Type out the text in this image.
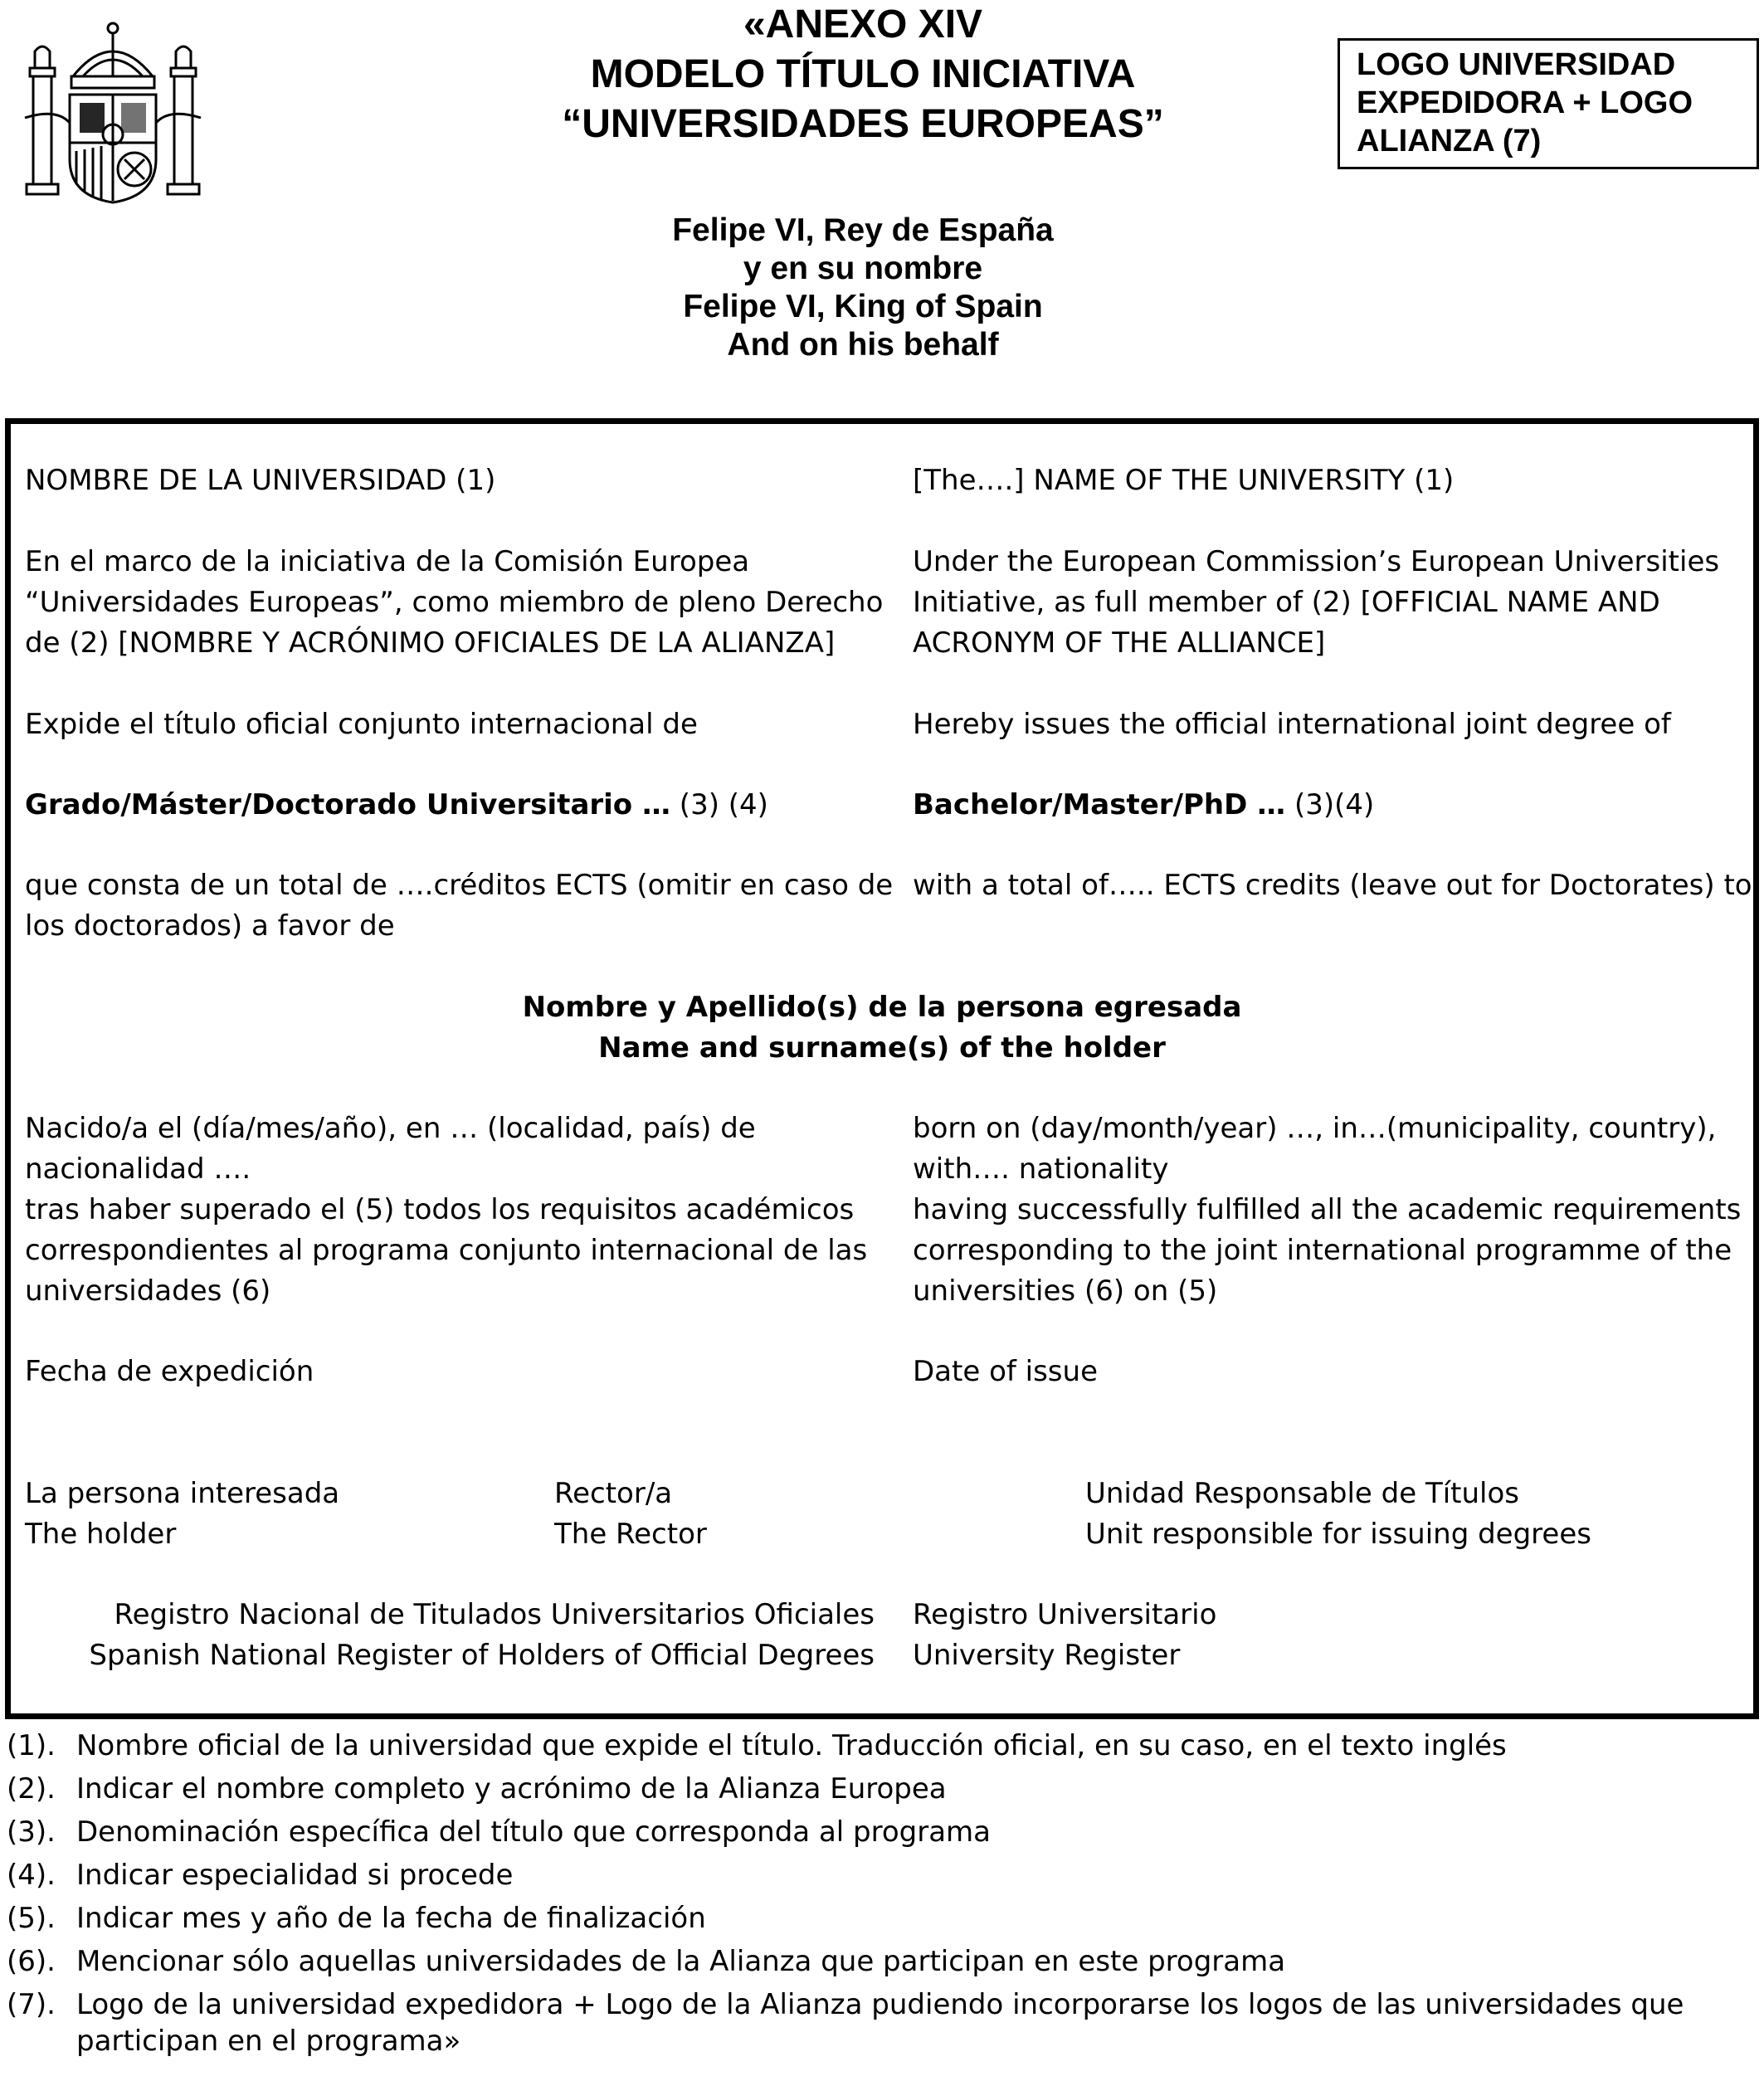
«ANEXO XIV
MODELO TÍTULO INICIATIVA
“UNIVERSIDADES EUROPEAS”
LOGO UNIVERSIDAD
EXPEDIDORA + LOGO
ALIANZA (7)
Felipe VI, Rey de España
y en su nombre
Felipe VI, King of Spain
And on his behalf
NOMBRE DE LA UNIVERSIDAD (1)
En el marco de la iniciativa de la Comisión Europea
“Universidades Europeas”, como miembro de pleno Derecho
de (2) [NOMBRE Y ACRÓNIMO OFICIALES DE LA ALIANZA]
Expide el título oficial conjunto internacional de
Grado/Máster/Doctorado Universitario … (3) (4)
que consta de un total de ….créditos ECTS (omitir en caso de
los doctorados) a favor de
[The….] NAME OF THE UNIVERSITY (1)
Under the European Commission’s European Universities
Initiative, as full member of (2) [OFFICIAL NAME AND
ACRONYM OF THE ALLIANCE]
Hereby issues the official international joint degree of
Bachelor/Master/PhD … (3)(4)
with a total of….. ECTS credits (leave out for Doctorates) to
Nombre y Apellido(s) de la persona egresada
Name and surname(s) of the holder
Nacido/a el (día/mes/año), en … (localidad, país) de
nacionalidad ….
tras haber superado el (5) todos los requisitos académicos
correspondientes al programa conjunto internacional de las
universidades (6)
born on (day/month/year) …, in…(municipality, country),
with…. nationality
having successfully fulfilled all the academic requirements
corresponding to the joint international programme of the
universities (6) on (5)
Fecha de expedición	Date of issue
La persona interesada
The holder
Rector/a
The Rector
Unidad Responsable de Títulos
Unit responsible for issuing degrees
Registro Nacional de Titulados Universitarios Oficiales
Spanish National Register of Holders of Official Degrees
Registro Universitario
University Register
(1). Nombre oficial de la universidad que expide el título. Traducción oficial, en su caso, en el texto inglés
(2). Indicar el nombre completo y acrónimo de la Alianza Europea
(3). Denominación específica del título que corresponda al programa
(4). Indicar especialidad si procede
(5). Indicar mes y año de la fecha de finalización
(6). Mencionar sólo aquellas universidades de la Alianza que participan en este programa
(7). Logo de la universidad expedidora + Logo de la Alianza pudiendo incorporarse los logos de las universidades que participan en el programa»
